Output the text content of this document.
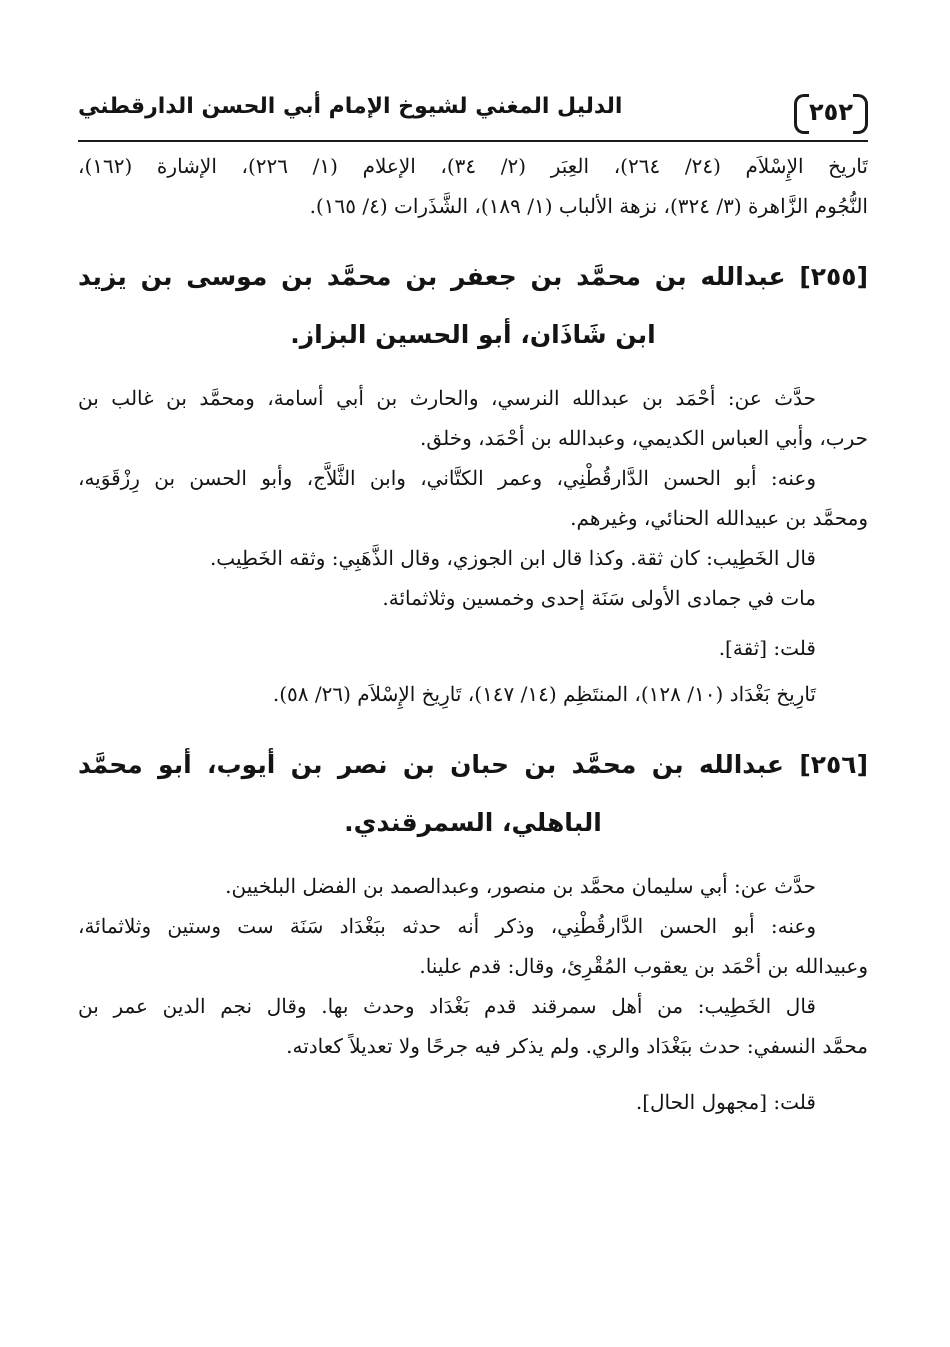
٢٥٢
الدليل المغني لشيوخ الإمام أبي الحسن الدارقطني
تَاريخ الإِسْلاَم (٢٤/ ٢٦٤)، العِبَر (٢/ ٣٤)، الإعلام (١/ ٢٢٦)، الإشارة (١٦٢)،
النُّجُوم الزَّاهرة (٣/ ٣٢٤)، نزهة الألباب (١/ ١٨٩)، الشَّذَرات (٤/ ١٦٥).
[٢٥٥] عبدالله بن محمَّد بن جعفر بن محمَّد بن موسى بن يزيد
ابن شَاذَان، أبو الحسين البزاز.
حدَّث عن: أحْمَد بن عبدالله النرسي، والحارث بن أبي أسامة، ومحمَّد بن غالب بن
حرب، وأبي العباس الكديمي، وعبدالله بن أحْمَد، وخلق.
وعنه: أبو الحسن الدَّارقُطْنِي، وعمر الكتَّاني، وابن الثَّلاَّج، وأبو الحسن بن رِزْقَوَيه،
ومحمَّد بن عبيدالله الحنائي، وغيرهم.
قال الخَطِيب: كان ثقة. وكذا قال ابن الجوزي، وقال الذَّهَبِي: وثقه الخَطِيب.
مات في جمادى الأولى سَنَة إحدى وخمسين وثلاثمائة.
قلت: [ثقة].
تَارِيخ بَغْدَاد (١٠/ ١٢٨)، المنتَظِم (١٤/ ١٤٧)، تَارِيخ الإِسْلاَم (٢٦/ ٥٨).
[٢٥٦] عبدالله بن محمَّد بن حبان بن نصر بن أيوب، أبو محمَّد
الباهلي، السمرقندي.
حدَّث عن: أبي سليمان محمَّد بن منصور، وعبدالصمد بن الفضل البلخيين.
وعنه: أبو الحسن الدَّارقُطْنِي، وذكر أنه حدثه ببَغْدَاد سَنَة ست وستين وثلاثمائة،
وعبيدالله بن أحْمَد بن يعقوب المُقْرِئ، وقال: قدم علينا.
قال الخَطِيب: من أهل سمرقند قدم بَغْدَاد وحدث بها. وقال نجم الدين عمر بن
محمَّد النسفي: حدث ببَغْدَاد والري. ولم يذكر فيه جرحًا ولا تعديلاً كعادته.
قلت: [مجهول الحال].
